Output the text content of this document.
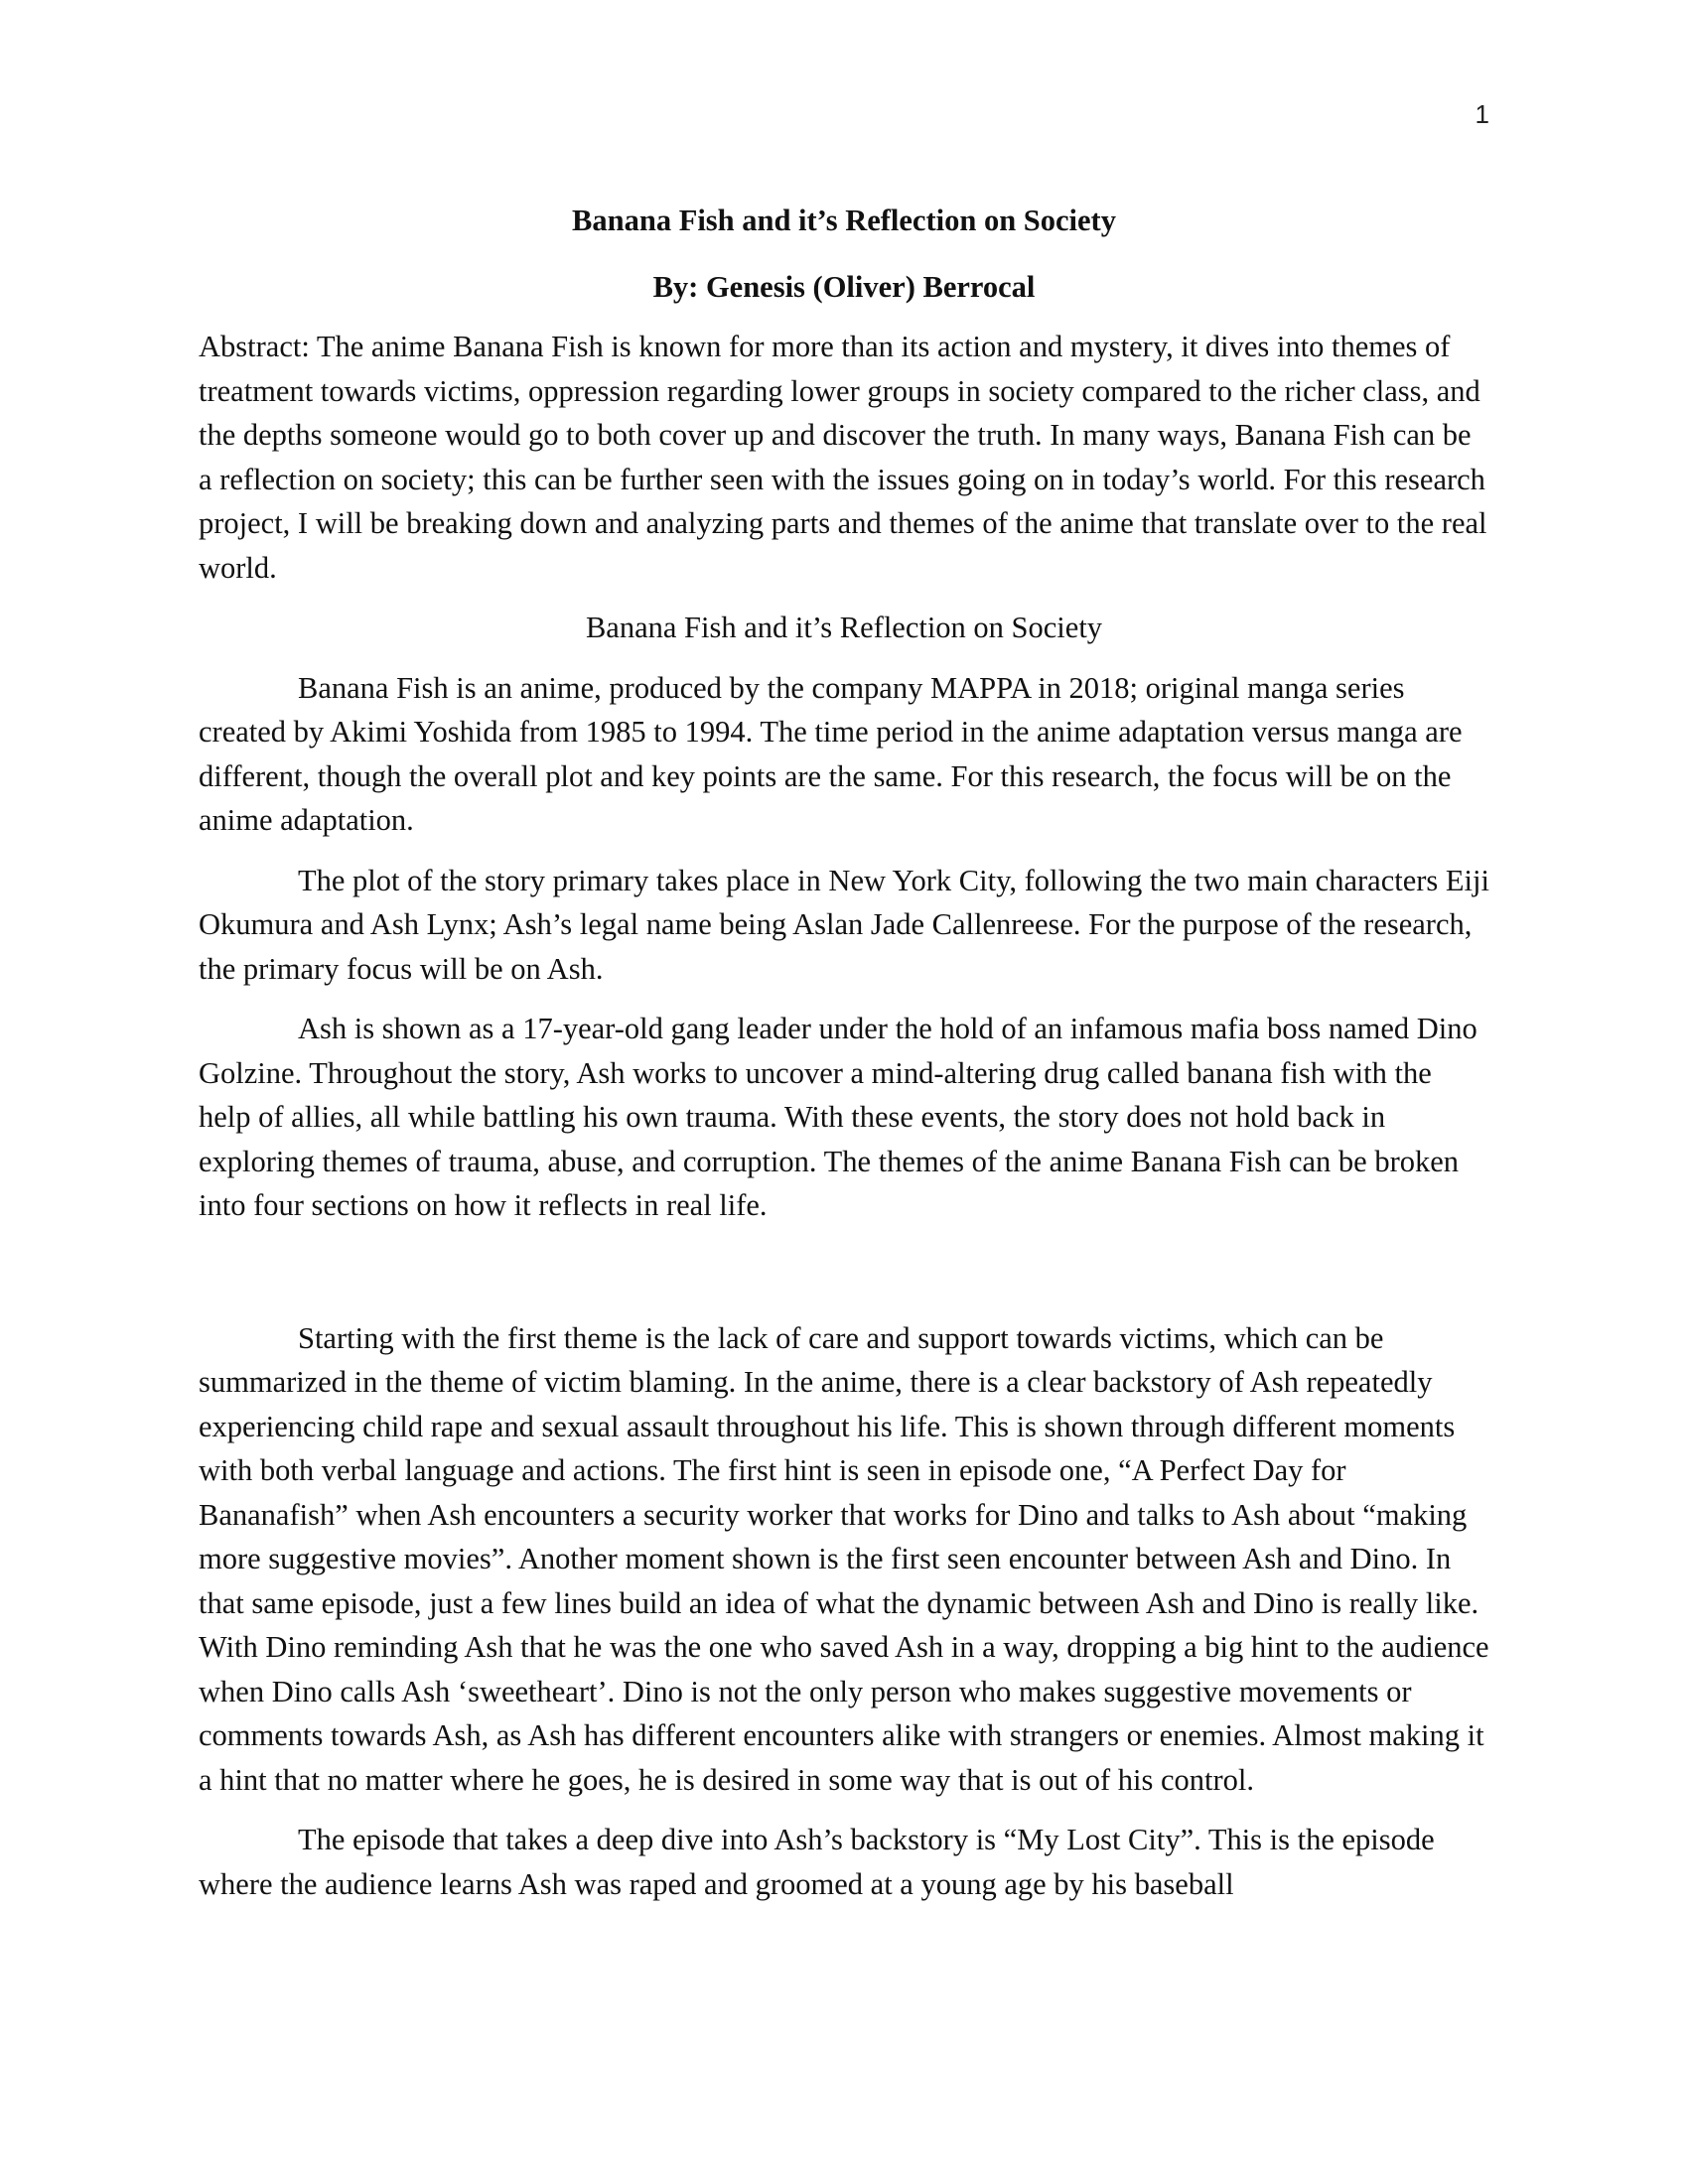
1

Banana Fish and it’s Reflection on Society

By: Genesis (Oliver) Berrocal

Abstract: The anime Banana Fish is known for more than its action and mystery, it dives into themes of treatment towards victims, oppression regarding lower groups in society compared to the richer class, and the depths someone would go to both cover up and discover the truth. In many ways, Banana Fish can be a reflection on society; this can be further seen with the issues going on in today’s world. For this research project, I will be breaking down and analyzing parts and themes of the anime that translate over to the real world.

Banana Fish and it’s Reflection on Society

Banana Fish is an anime, produced by the company MAPPA in 2018; original manga series created by Akimi Yoshida from 1985 to 1994. The time period in the anime adaptation versus manga are different, though the overall plot and key points are the same. For this research, the focus will be on the anime adaptation.

The plot of the story primary takes place in New York City, following the two main characters Eiji Okumura and Ash Lynx; Ash’s legal name being Aslan Jade Callenreese. For the purpose of the research, the primary focus will be on Ash.

Ash is shown as a 17-year-old gang leader under the hold of an infamous mafia boss named Dino Golzine. Throughout the story, Ash works to uncover a mind-altering drug called banana fish with the help of allies, all while battling his own trauma. With these events, the story does not hold back in exploring themes of trauma, abuse, and corruption. The themes of the anime Banana Fish can be broken into four sections on how it reflects in real life.

Starting with the first theme is the lack of care and support towards victims, which can be summarized in the theme of victim blaming. In the anime, there is a clear backstory of Ash repeatedly experiencing child rape and sexual assault throughout his life. This is shown through different moments with both verbal language and actions. The first hint is seen in episode one, “A Perfect Day for Bananafish” when Ash encounters a security worker that works for Dino and talks to Ash about “making more suggestive movies”. Another moment shown is the first seen encounter between Ash and Dino. In that same episode, just a few lines build an idea of what the dynamic between Ash and Dino is really like. With Dino reminding Ash that he was the one who saved Ash in a way, dropping a big hint to the audience when Dino calls Ash ‘sweetheart’. Dino is not the only person who makes suggestive movements or comments towards Ash, as Ash has different encounters alike with strangers or enemies. Almost making it a hint that no matter where he goes, he is desired in some way that is out of his control.

The episode that takes a deep dive into Ash’s backstory is “My Lost City”. This is the episode where the audience learns Ash was raped and groomed at a young age by his baseball
